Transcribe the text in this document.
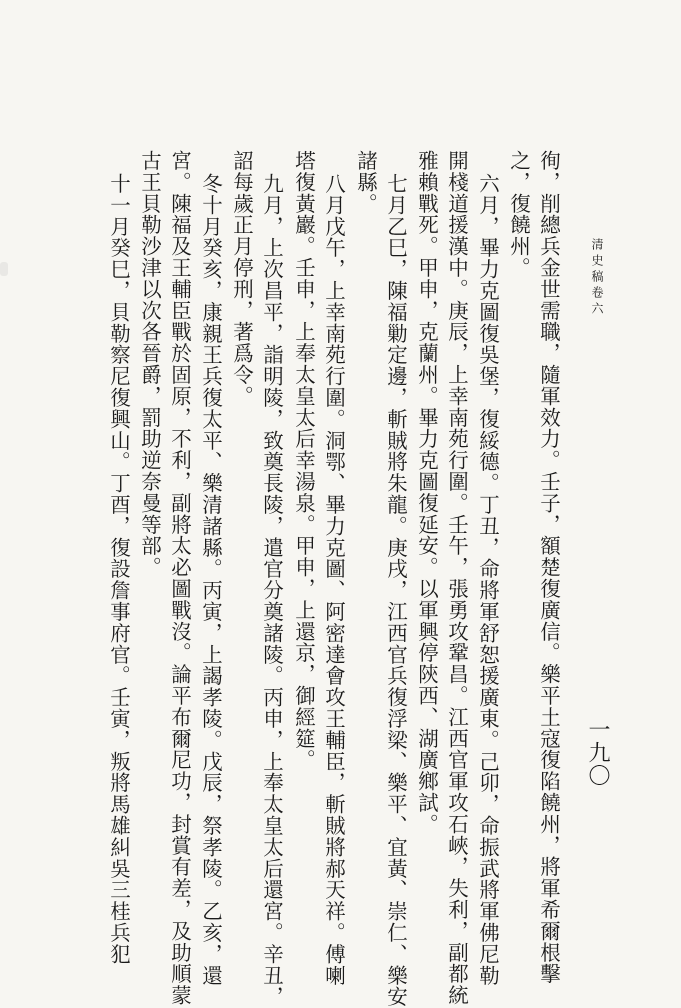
清史稿卷六
一九〇
徇，削總兵金世需職，隨軍效力。壬子，額楚復廣信。樂平土寇復陷饒州，將軍希爾根擊
之，復饒州。
六月，畢力克圖復吳堡，復綏德。丁丑，命將軍舒恕援廣東。己卯，命振武將軍佛尼勒
開棧道援漢中。庚辰，上幸南苑行圍。壬午，張勇攻鞏昌。江西官軍攻石峽，失利，副都統
雅賴戰死。甲申，克蘭州。畢力克圖復延安。以軍興停陝西、湖廣鄉試。
七月乙巳，陳福勦定邊，斬賊將朱龍。庚戌，江西官兵復浮梁、樂平、宜黃、崇仁、樂安
諸縣。
八月戊午，上幸南苑行圍。洞鄂、畢力克圖、阿密達會攻王輔臣，斬賊將郝天祥。傅喇
塔復黃巖。壬申，上奉太皇太后幸湯泉。甲申，上還京，御經筵。
九月，上次昌平，詣明陵，致奠長陵，遣官分奠諸陵。丙申，上奉太皇太后還宮。辛丑，
詔每歲正月停刑，著爲令。
冬十月癸亥，康親王兵復太平、樂清諸縣。丙寅，上謁孝陵。戊辰，祭孝陵。乙亥，還
宮。陳福及王輔臣戰於固原，不利，副將太必圖戰沒。論平布爾尼功，封賞有差，及助順蒙
古王貝勒沙津以次各晉爵，罰助逆奈曼等部。
十一月癸巳，貝勒察尼復興山。丁酉，復設詹事府官。壬寅，叛將馬雄糾吳三桂兵犯
